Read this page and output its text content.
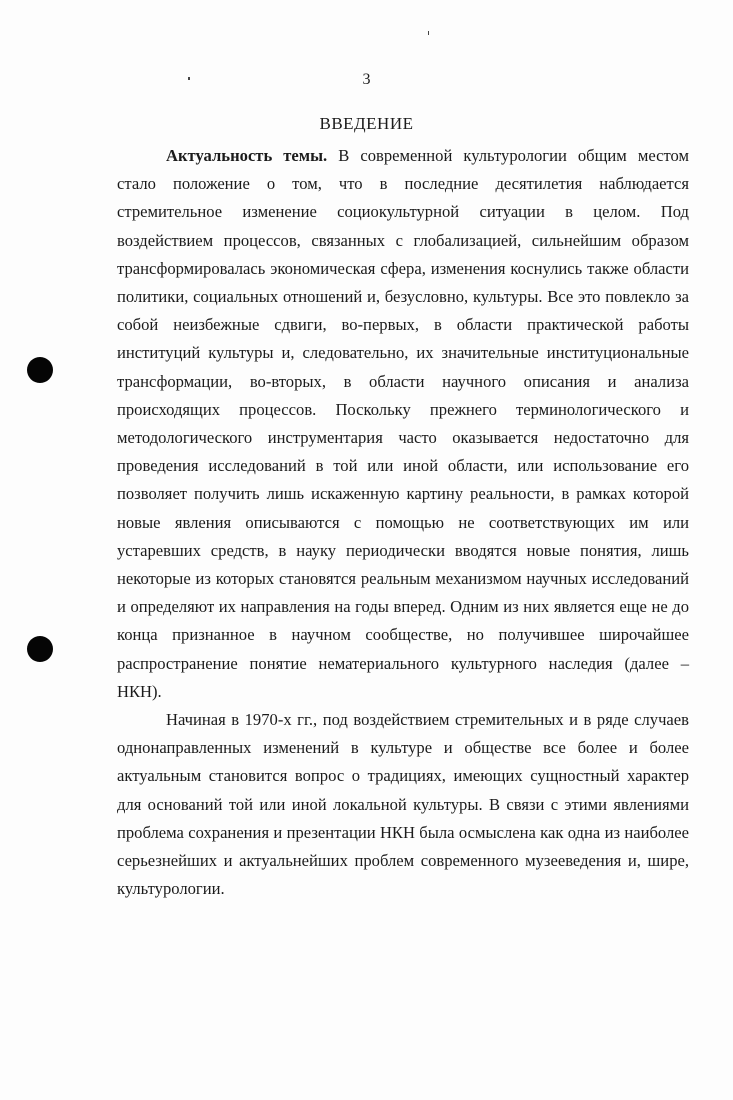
3
ВВЕДЕНИЕ

Актуальность темы. В современной культурологии общим местом стало положение о том, что в последние десятилетия наблюдается стремительное изменение социокультурной ситуации в целом. Под воздействием процессов, связанных с глобализацией, сильнейшим образом трансформировалась экономическая сфера, изменения коснулись также области политики, социальных отношений и, безусловно, культуры. Все это повлекло за собой неизбежные сдвиги, во-первых, в области практической работы институций культуры и, следовательно, их значительные институциональные трансформации, во-вторых, в области научного описания и анализа происходящих процессов. Поскольку прежнего терминологического и методологического инструментария часто оказывается недостаточно для проведения исследований в той или иной области, или использование его позволяет получить лишь искаженную картину реальности, в рамках которой новые явления описываются с помощью не соответствующих им или устаревших средств, в науку периодически вводятся новые понятия, лишь некоторые из которых становятся реальным механизмом научных исследований и определяют их направления на годы вперед. Одним из них является еще не до конца признанное в научном сообществе, но получившее широчайшее распространение понятие нематериального культурного наследия (далее – НКН).

Начиная в 1970-х гг., под воздействием стремительных и в ряде случаев однонаправленных изменений в культуре и обществе все более и более актуальным становится вопрос о традициях, имеющих сущностный характер для оснований той или иной локальной культуры. В связи с этими явлениями проблема сохранения и презентации НКН была осмыслена как одна из наиболее серьезнейших и актуальнейших проблем современного музееведения и, шире, культурологии.
